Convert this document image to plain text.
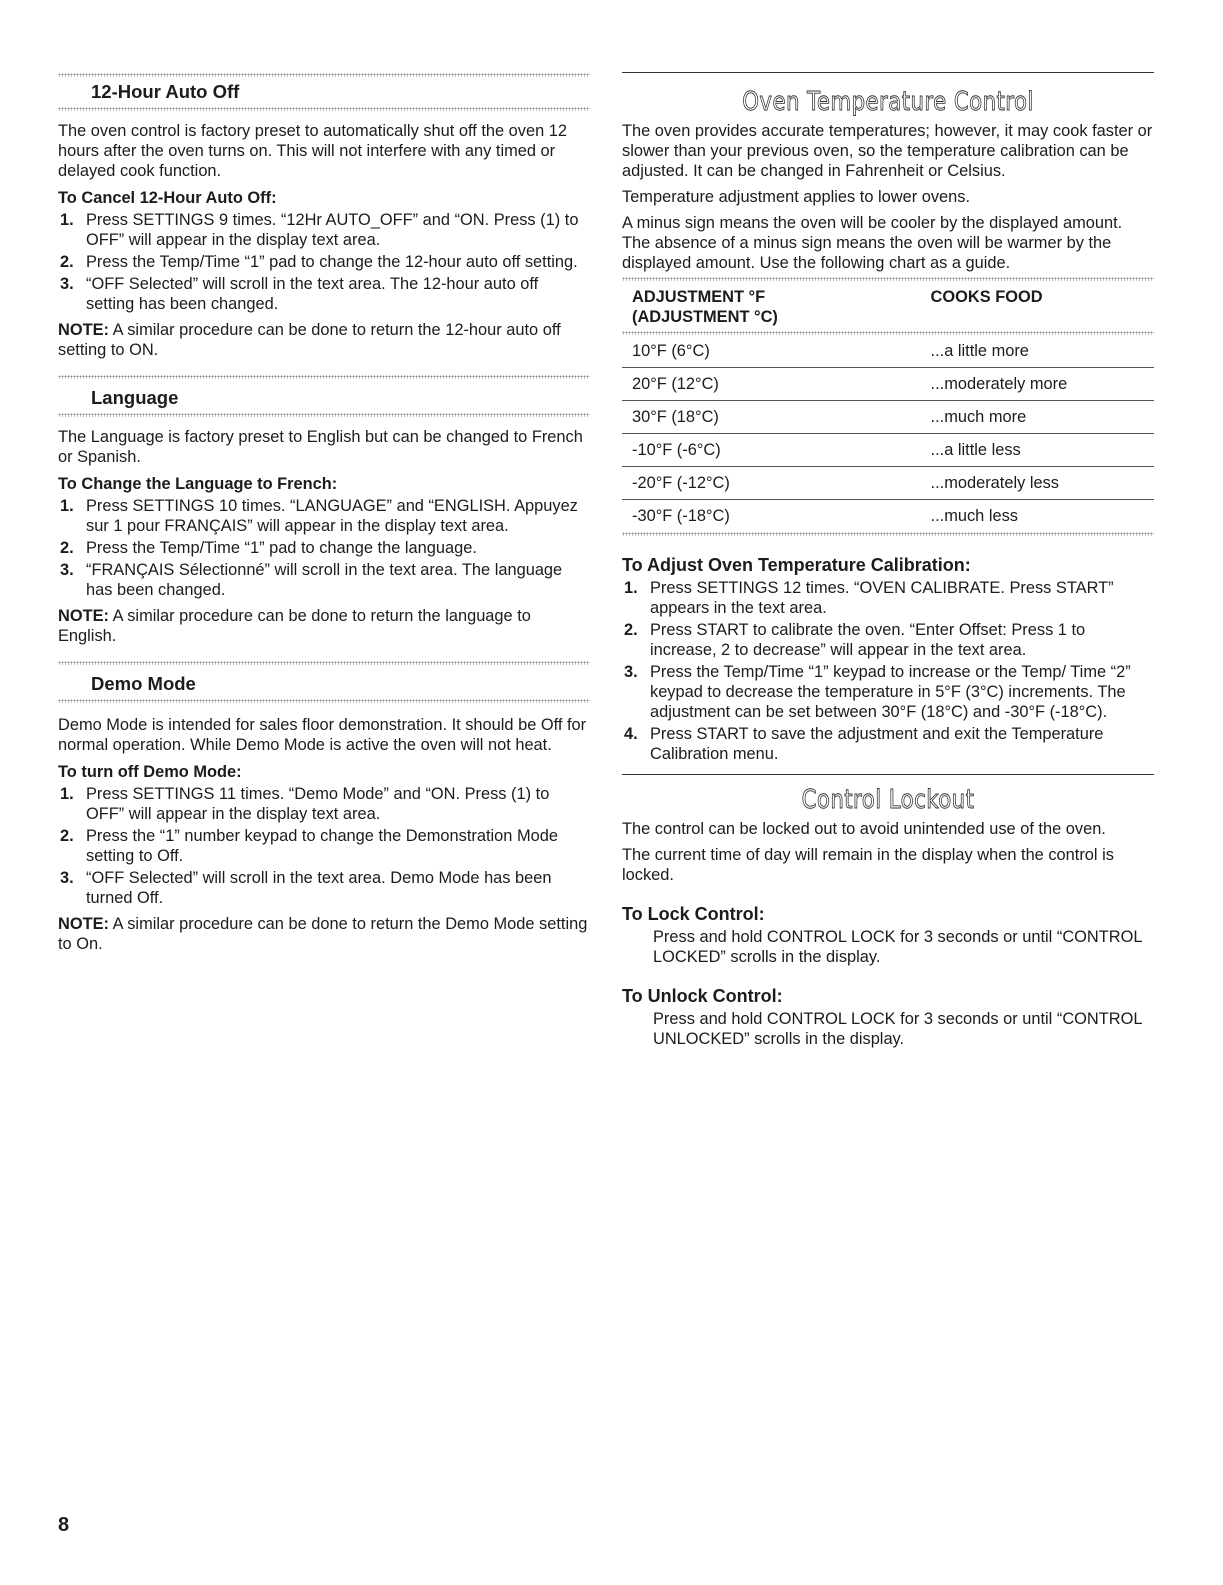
12-Hour Auto Off

The oven control is factory preset to automatically shut off the oven 12 hours after the oven turns on. This will not interfere with any timed or delayed cook function.

To Cancel 12-Hour Auto Off:
1. Press SETTINGS 9 times. “12Hr AUTO_OFF” and “ON. Press (1) to OFF” will appear in the display text area.
2. Press the Temp/Time “1” pad to change the 12-hour auto off setting.
3. “OFF Selected” will scroll in the text area. The 12-hour auto off setting has been changed.

NOTE: A similar procedure can be done to return the 12-hour auto off setting to ON.

Language

The Language is factory preset to English but can be changed to French or Spanish.

To Change the Language to French:
1. Press SETTINGS 10 times. “LANGUAGE” and “ENGLISH. Appuyez sur 1 pour FRANÇAIS” will appear in the display text area.
2. Press the Temp/Time “1” pad to change the language.
3. “FRANÇAIS Sélectionné” will scroll in the text area. The language has been changed.

NOTE: A similar procedure can be done to return the language to English.

Demo Mode

Demo Mode is intended for sales floor demonstration. It should be Off for normal operation. While Demo Mode is active the oven will not heat.

To turn off Demo Mode:
1. Press SETTINGS 11 times. “Demo Mode” and “ON. Press (1) to OFF” will appear in the display text area.
2. Press the “1” number keypad to change the Demonstration Mode setting to Off.
3. “OFF Selected” will scroll in the text area. Demo Mode has been turned Off.

NOTE: A similar procedure can be done to return the Demo Mode setting to On.

Oven Temperature Control

The oven provides accurate temperatures; however, it may cook faster or slower than your previous oven, so the temperature calibration can be adjusted. It can be changed in Fahrenheit or Celsius.

Temperature adjustment applies to lower ovens.

A minus sign means the oven will be cooler by the displayed amount. The absence of a minus sign means the oven will be warmer by the displayed amount. Use the following chart as a guide.

ADJUSTMENT °F
(ADJUSTMENT °C)	COOKS FOOD

10°F (6°C)	...a little more
20°F (12°C)	...moderately more
30°F (18°C)	...much more
-10°F (-6°C)	...a little less
-20°F (-12°C)	...moderately less
-30°F (-18°C)	...much less
To Adjust Oven Temperature Calibration:
1. Press SETTINGS 12 times. “OVEN CALIBRATE. Press START” appears in the text area.
2. Press START to calibrate the oven. “Enter Offset: Press 1 to increase, 2 to decrease” will appear in the text area.
3. Press the Temp/Time “1” keypad to increase or the Temp/ Time “2” keypad to decrease the temperature in 5°F (3°C) increments. The adjustment can be set between 30°F (18°C) and -30°F (-18°C).
4. Press START to save the adjustment and exit the Temperature Calibration menu.
Control Lockout

The control can be locked out to avoid unintended use of the oven.

The current time of day will remain in the display when the control is locked.

To Lock Control:

Press and hold CONTROL LOCK for 3 seconds or until “CONTROL LOCKED” scrolls in the display.

To Unlock Control:

Press and hold CONTROL LOCK for 3 seconds or until “CONTROL UNLOCKED” scrolls in the display.

8
